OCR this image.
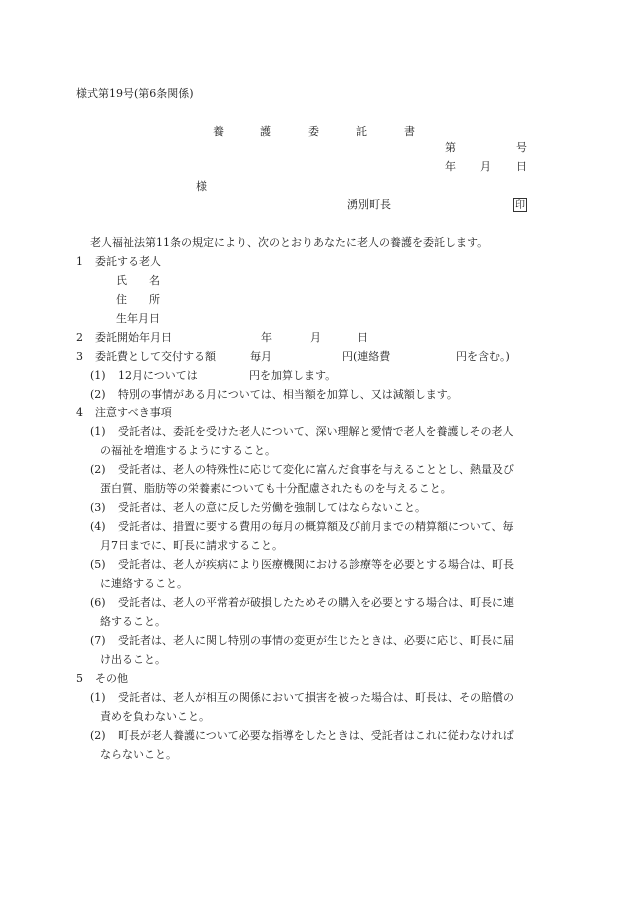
様式第19号(第6条関係)
養	護	委	託	書
第	号
年 月 日
様
湧別町長	印
老人福祉法第11条の規定により、次のとおりあなたに老人の養護を委託します。
1 委託する老人
氏 名
住 所
生年月日
2 委託開始年月日	年	月	日
3 委託費として交付する額	毎月	円(連絡費	円を含む。)
(1) 12月については	円を加算します。
(2) 特別の事情がある月については、相当額を加算し、又は減額します。
4 注意すべき事項
(1) 受託者は、委託を受けた老人について、深い理解と愛情で老人を養護しその老人
の福祉を増進するようにすること。
(2) 受託者は、老人の特殊性に応じて変化に富んだ食事を与えることとし、熱量及び
蛋白質、脂肪等の栄養素についても十分配慮されたものを与えること。
(3) 受託者は、老人の意に反した労働を強制してはならないこと。
(4) 受託者は、措置に要する費用の毎月の概算額及び前月までの精算額について、毎
月7日までに、町長に請求すること。
(5) 受託者は、老人が疾病により医療機関における診療等を必要とする場合は、町長
に連絡すること。
(6) 受託者は、老人の平常着が破損したためその購入を必要とする場合は、町長に連
絡すること。
(7) 受託者は、老人に関し特別の事情の変更が生じたときは、必要に応じ、町長に届
け出ること。
5 その他
(1) 受託者は、老人が相互の関係において損害を被った場合は、町長は、その賠償の
責めを負わないこと。
(2) 町長が老人養護について必要な指導をしたときは、受託者はこれに従わなければ
ならないこと。
